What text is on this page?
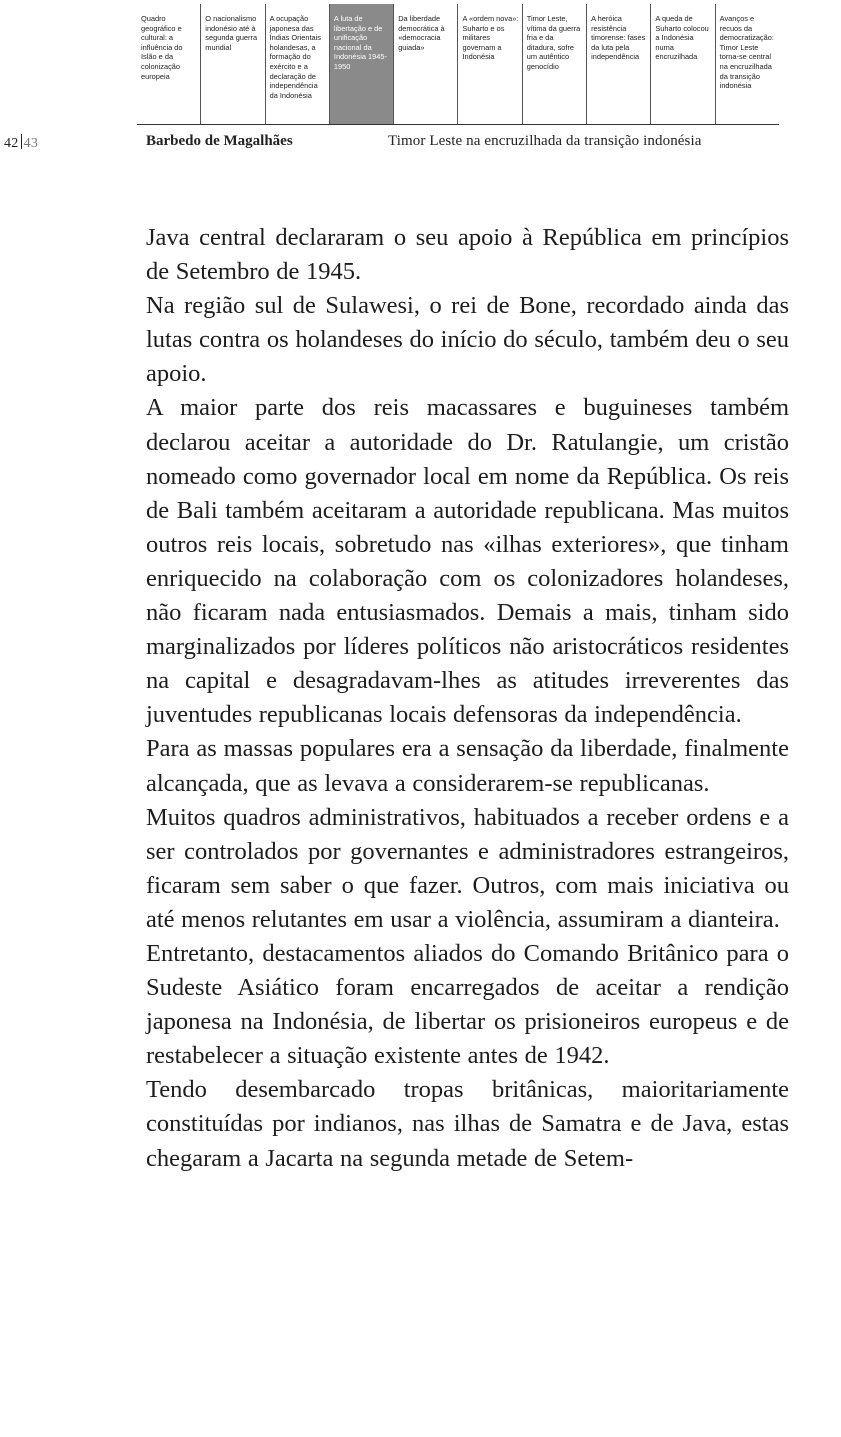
Quadro geográfico e cultural: a influência do Islão e da colonização europeia
O nacionalismo indonésio até à segunda guerra mundial
A ocupação japonesa das Índias Orientais holandesas, a formação do exército e a declaração de independência da Indonésia
A luta de libertação e de unificação nacional da Indonésia 1945-1950
Da liberdade democrática à «democracia guiada»
A «ordem nova»: Suharto e os militares governam a Indonésia
Timor Leste, vítima da guerra fria e da ditadura, sofre um autêntico genocídio
A heróica resistência timorense: fases da luta pela independência
A queda de Suharto colocou a Indonésia numa encruzilhada
Avanços e recuos da democratização: Timor Leste torna-se central na encruzilhada da transição indonésia
42 43	Barbedo de Magalhães	Timor Leste na encruzilhada da transição indonésia

Java central declararam o seu apoio à República em princípios de Setembro de 1945.

Na região sul de Sulawesi, o rei de Bone, recordado ainda das lutas contra os holandeses do início do século, também deu o seu apoio.

A maior parte dos reis macassares e buguineses também declarou aceitar a autoridade do Dr. Ratulangie, um cristão nomeado como governador local em nome da República. Os reis de Bali também aceitaram a autoridade republicana. Mas muitos outros reis locais, sobretudo nas «ilhas exteriores», que tinham enriquecido na colaboração com os colonizadores holandeses, não ficaram nada entusiasmados. Demais a mais, tinham sido marginalizados por líderes políticos não aristocráticos residentes na capital e desagradavam-lhes as atitudes irreverentes das juventudes republicanas locais defensoras da independência.

Para as massas populares era a sensação da liberdade, finalmente alcançada, que as levava a considerarem-se republicanas.

Muitos quadros administrativos, habituados a receber ordens e a ser controlados por governantes e administradores estrangeiros, ficaram sem saber o que fazer. Outros, com mais iniciativa ou até menos relutantes em usar a violência, assumiram a dianteira.

Entretanto, destacamentos aliados do Comando Britânico para o Sudeste Asiático foram encarregados de aceitar a rendição japonesa na Indonésia, de libertar os prisioneiros europeus e de restabelecer a situação existente antes de 1942.

Tendo desembarcado tropas britânicas, maioritariamente constituídas por indianos, nas ilhas de Samatra e de Java, estas chegaram a Jacarta na segunda metade de Setem-
